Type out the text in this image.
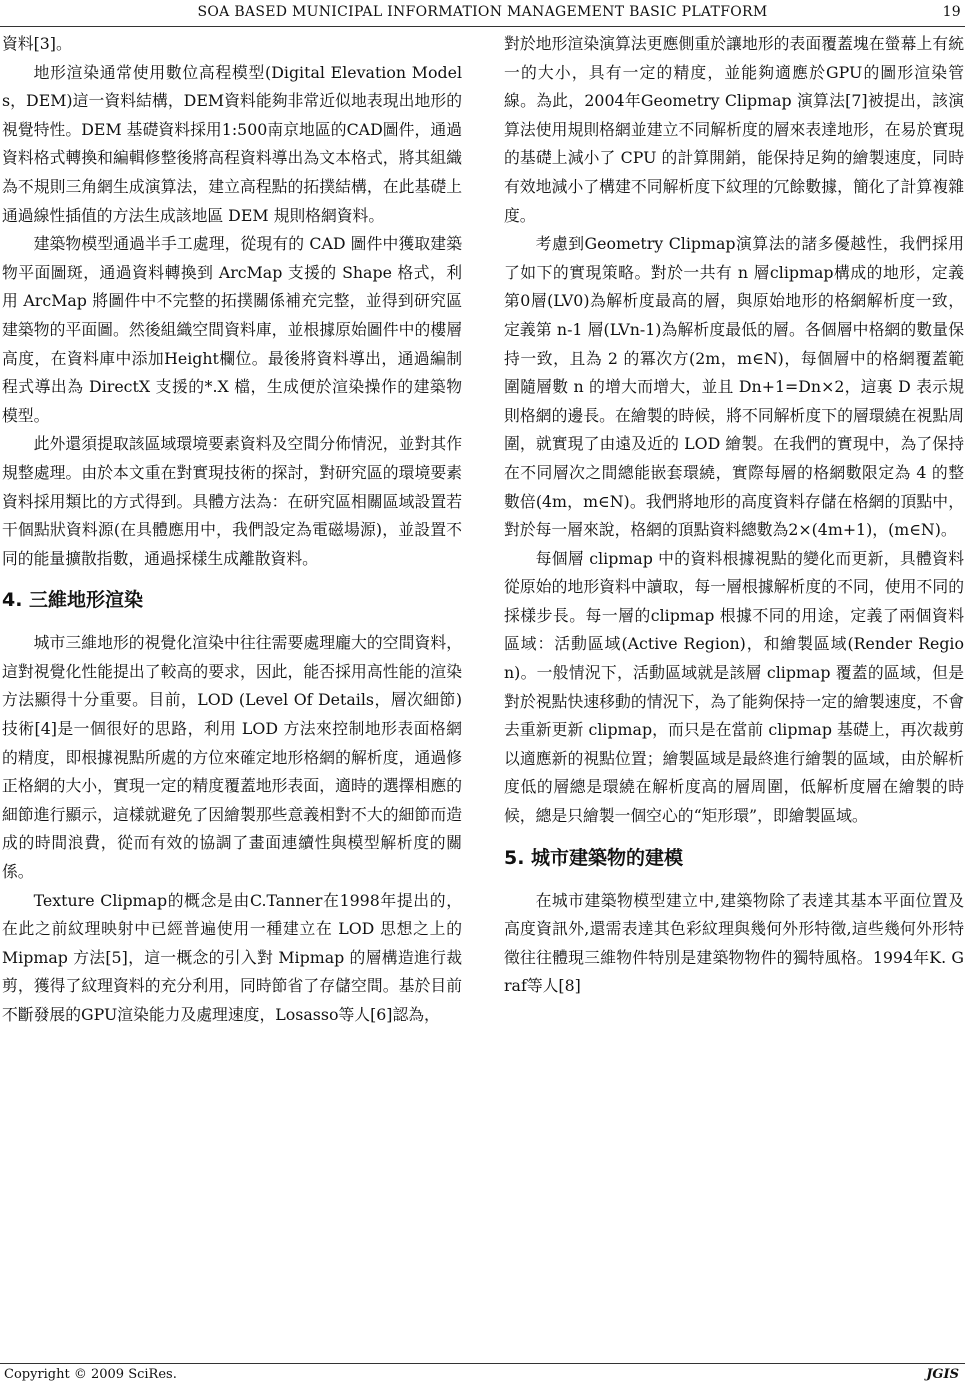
SOA BASED MUNICIPAL INFORMATION MANAGEMENT BASIC PLATFORM	19

資料[3]。

地形渲染通常使用數位高程模型(Digital Elevation Models，DEM)這一資料結構，DEM資料能夠非常近似地表現出地形的視覺特性。DEM 基礎資料採用1:500南京地區的CAD圖件，通過資料格式轉換和編輯修整後將高程資料導出為文本格式，將其組織為不規則三角網生成演算法，建立高程點的拓撲結構，在此基礎上通過線性插值的方法生成該地區 DEM 規則格網資料。

建築物模型通過半手工處理，從現有的 CAD 圖件中獲取建築物平面圖斑，通過資料轉換到 ArcMap 支援的 Shape 格式，利用 ArcMap 將圖件中不完整的拓撲關係補充完整，並得到研究區建築物的平面圖。然後組織空間資料庫，並根據原始圖件中的樓層高度，在資料庫中添加Height欄位。最後將資料導出，通過編制程式導出為 DirectX 支援的*.X 檔，生成便於渲染操作的建築物模型。

此外還須提取該區域環境要素資料及空間分佈情況，並對其作規整處理。由於本文重在對實現技術的探討，對研究區的環境要素資料採用類比的方式得到。具體方法為：在研究區相關區域設置若干個點狀資料源(在具體應用中，我們設定為電磁場源)，並設置不同的能量擴散指數，通過採樣生成離散資料。

4. 三維地形渲染

城市三維地形的視覺化渲染中往往需要處理龐大的空間資料，這對視覺化性能提出了較高的要求，因此，能否採用高性能的渲染方法顯得十分重要。目前，LOD (Level Of Details，層次細節)技術[4]是一個很好的思路，利用 LOD 方法來控制地形表面格網的精度，即根據視點所處的方位來確定地形格網的解析度，通過修正格網的大小，實現一定的精度覆蓋地形表面，適時的選擇相應的細節進行顯示，這樣就避免了因繪製那些意義相對不大的細節而造成的時間浪費，從而有效的協調了畫面連續性與模型解析度的關係。

Texture Clipmap的概念是由C.Tanner在1998年提出的，在此之前紋理映射中已經普遍使用一種建立在 LOD 思想之上的 Mipmap 方法[5]，這一概念的引入對 Mipmap 的層構造進行裁剪，獲得了紋理資料的充分利用，同時節省了存儲空間。基於目前不斷發展的GPU渲染能力及處理速度，Losasso等人[6]認為，

對於地形渲染演算法更應側重於讓地形的表面覆蓋塊在螢幕上有統一的大小，具有一定的精度，並能夠適應於GPU的圖形渲染管線。為此，2004年Geometry Clipmap 演算法[7]被提出，該演算法使用規則格網並建立不同解析度的層來表達地形，在易於實現的基礎上減小了 CPU 的計算開銷，能保持足夠的繪製速度，同時有效地減小了構建不同解析度下紋理的冗餘數據，簡化了計算複雜度。

考慮到Geometry Clipmap演算法的諸多優越性，我們採用了如下的實現策略。對於一共有 n 層clipmap構成的地形，定義第0層(LV0)為解析度最高的層，與原始地形的格網解析度一致，定義第 n-1 層(LVn-1)為解析度最低的層。各個層中格網的數量保持一致，且為 2 的冪次方(2m，m∈N)，每個層中的格網覆蓋範圍隨層數 n 的增大而增大，並且 Dn+1=Dn×2，這裏 D 表示規則格網的邊長。在繪製的時候，將不同解析度下的層環繞在視點周圍，就實現了由遠及近的 LOD 繪製。在我們的實現中，為了保持在不同層次之間總能嵌套環繞，實際每層的格網數限定為 4 的整數倍(4m，m∈N)。我們將地形的高度資料存儲在格網的頂點中，對於每一層來說，格網的頂點資料總數為2×(4m+1)，(m∈N)。

每個層 clipmap 中的資料根據視點的變化而更新，具體資料從原始的地形資料中讀取，每一層根據解析度的不同，使用不同的採樣步長。每一層的clipmap 根據不同的用途，定義了兩個資料區域：活動區域(Active Region)，和繪製區域(Render Region)。一般情況下，活動區域就是該層 clipmap 覆蓋的區域，但是對於視點快速移動的情況下，為了能夠保持一定的繪製速度，不會去重新更新 clipmap，而只是在當前 clipmap 基礎上，再次裁剪以適應新的視點位置；繪製區域是最終進行繪製的區域，由於解析度低的層總是環繞在解析度高的層周圍，低解析度層在繪製的時候，總是只繪製一個空心的“矩形環”，即繪製區域。

5. 城市建築物的建模

在城市建築物模型建立中,建築物除了表達其基本平面位置及高度資訊外,還需表達其色彩紋理與幾何外形特徵,這些幾何外形特徵往往體現三維物件特別是建築物物件的獨特風格。1994年K. Graf等人[8]

Copyright © 2009 SciRes.	JGIS
